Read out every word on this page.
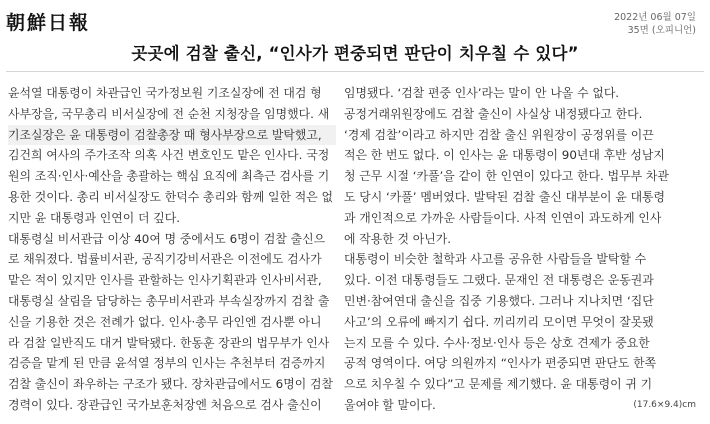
朝鮮日報	2022년 06월 07일
35면 (오피니언)
곳곳에 검찰 출신, “인사가 편중되면 판단이 치우칠 수 있다”
윤석열 대통령이 차관급인 국가정보원 기조실장에 전 대검 형
사부장을, 국무총리 비서실장에 전 순천 지청장을 임명했다. 새
기조실장은 윤 대통령이 검찰총장 때 형사부장으로 발탁했고,
김건희 여사의 주가조작 의혹 사건 변호인도 맡은 인사다. 국정
원의 조직·인사·예산을 총괄하는 핵심 요직에 최측근 검사를 기
용한 것이다. 총리 비서실장도 한덕수 총리와 함께 일한 적은 없
지만 윤 대통령과 인연이 더 깊다.
대통령실 비서관급 이상 40여 명 중에서도 6명이 검찰 출신으
로 채워졌다. 법률비서관, 공직기강비서관은 이전에도 검사가
맡은 적이 있지만 인사를 관할하는 인사기획관과 인사비서관,
대통령실 살림을 담당하는 총무비서관과 부속실장까지 검찰 출
신을 기용한 것은 전례가 없다. 인사·총무 라인엔 검사뿐 아니
라 검찰 일반직도 대거 발탁됐다. 한동훈 장관의 법무부가 인사
검증을 맡게 된 만큼 윤석열 정부의 인사는 추천부터 검증까지
검찰 출신이 좌우하는 구조가 됐다. 장차관급에서도 6명이 검찰
경력이 있다. 장관급인 국가보훈처장엔 처음으로 검사 출신이
임명됐다. ‘검찰 편중 인사’라는 말이 안 나올 수 없다.
공정거래위원장에도 검찰 출신이 사실상 내정됐다고 한다.
‘경제 검찰’이라고 하지만 검찰 출신 위원장이 공정위를 이끈
적은 한 번도 없다. 이 인사는 윤 대통령이 90년대 후반 성남지
청 근무 시절 ‘카풀’을 같이 한 인연이 있다고 한다. 법무부 차관
도 당시 ‘카풀’ 멤버였다. 발탁된 검찰 출신 대부분이 윤 대통령
과 개인적으로 가까운 사람들이다. 사적 인연이 과도하게 인사
에 작용한 것 아닌가.
대통령이 비슷한 철학과 사고를 공유한 사람들을 발탁할 수
있다. 이전 대통령들도 그랬다. 문재인 전 대통령은 운동권과
민변·참여연대 출신을 집중 기용했다. 그러나 지나치면 ‘집단
사고’의 오류에 빠지기 쉽다. 끼리끼리 모이면 무엇이 잘못됐
는지 모를 수 있다. 수사·정보·인사 등은 상호 견제가 중요한
공적 영역이다. 여당 의원까지 “인사가 편중되면 판단도 한쪽
으로 치우칠 수 있다”고 문제를 제기했다. 윤 대통령이 귀 기
울여야 할 말이다.	(17.6×9.4)cm
